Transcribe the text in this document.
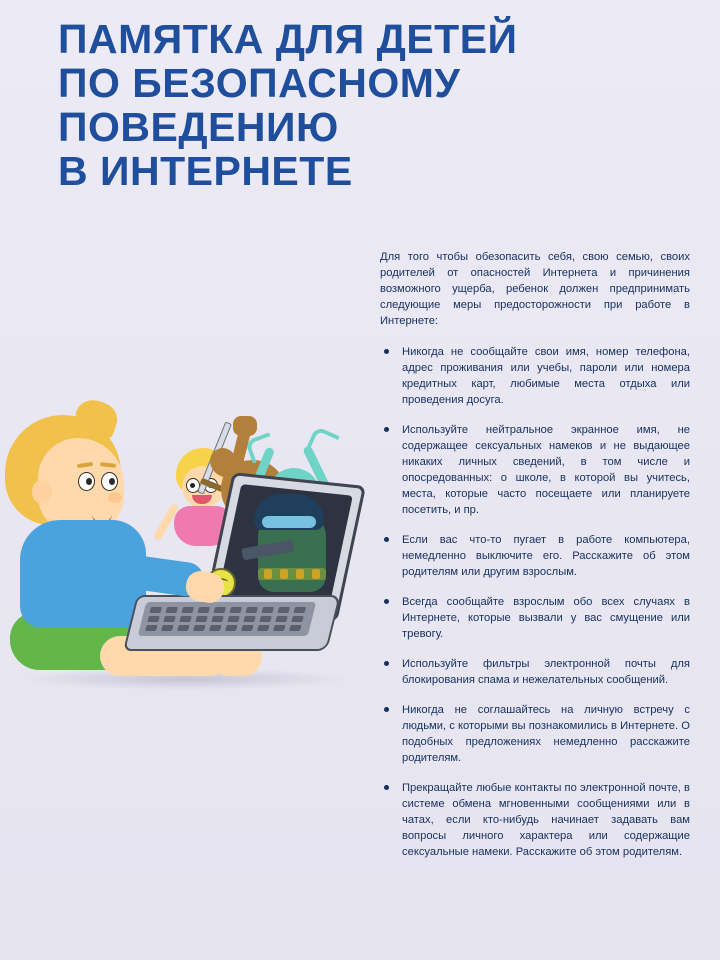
ПАМЯТКА ДЛЯ ДЕТЕЙ
ПО БЕЗОПАСНОМУ
ПОВЕДЕНИЮ
В ИНТЕРНЕТЕ

Для того чтобы обезопасить себя, свою семью, своих родителей от опасностей Интернета и причинения возможного ущерба, ребенок должен предпринимать следующие меры предосторожности при работе в Интернете:

Никогда не сообщайте свои имя, номер телефона, адрес проживания или учебы, пароли или номера кредитных карт, любимые места отдыха или проведения досуга.
Используйте нейтральное экранное имя, не содержащее сексуальных намеков и не выдающее никаких личных сведений, в том числе и опосредованных: о школе, в которой вы учитесь, места, которые часто посещаете или планируете посетить, и пр.
Если вас что-то пугает в работе компьютера, немедленно выключите его. Расскажите об этом родителям или другим взрослым.
Всегда сообщайте взрослым обо всех случаях в Интернете, которые вызвали у вас смущение или тревогу.
Используйте фильтры электронной почты для блокирования спама и нежелательных сообщений.
Никогда не соглашайтесь на личную встречу с людьми, с которыми вы познакомились в Интернете. О подобных предложениях немедленно расскажите родителям.
Прекращайте любые контакты по электронной почте, в системе обмена мгновенными сообщениями или в чатах, если кто-нибудь начинает задавать вам вопросы личного характера или содержащие сексуальные намеки. Расскажите об этом родителям.
